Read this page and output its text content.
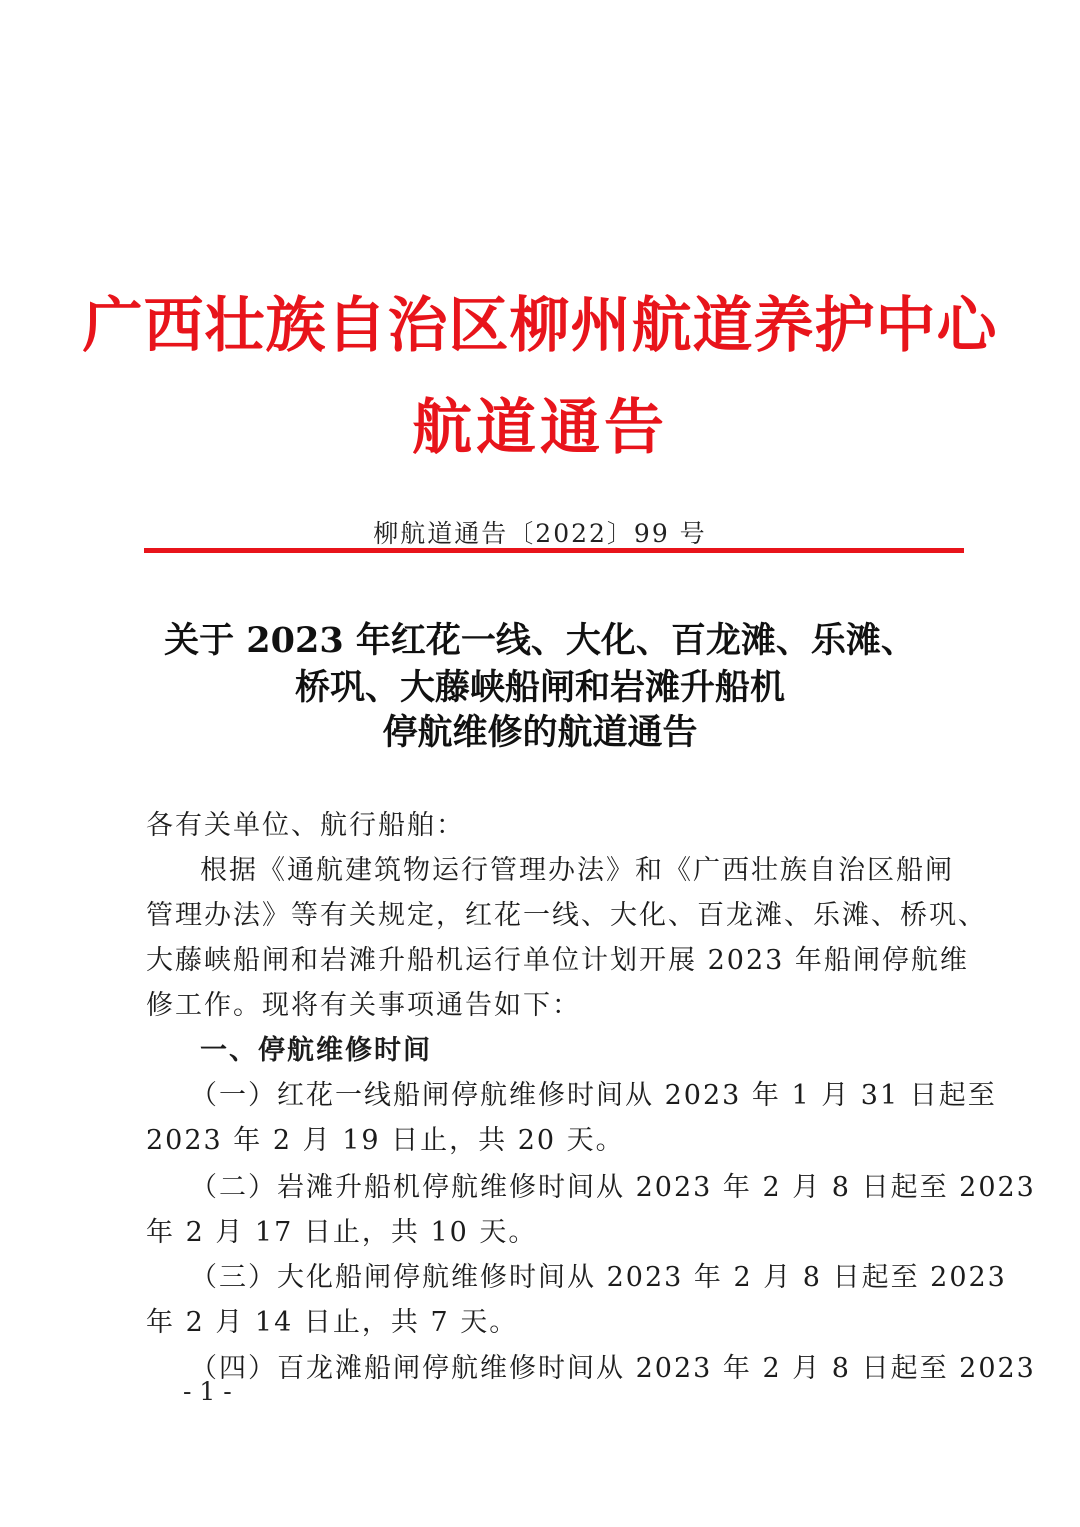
广西壮族自治区柳州航道养护中心
航道通告
柳航道通告〔2022〕99 号
关于 2023 年红花一线、大化、百龙滩、乐滩、
桥巩、大藤峡船闸和岩滩升船机
停航维修的航道通告
各有关单位、航行船舶：
根据《通航建筑物运行管理办法》和《广西壮族自治区船闸
管理办法》等有关规定，红花一线、大化、百龙滩、乐滩、桥巩、
大藤峡船闸和岩滩升船机运行单位计划开展 2023 年船闸停航维
修工作。现将有关事项通告如下：
一、停航维修时间
（一）红花一线船闸停航维修时间从 2023 年 1 月 31 日起至
2023 年 2 月 19 日止，共 20 天。
（二）岩滩升船机停航维修时间从 2023 年 2 月 8 日起至 2023
年 2 月 17 日止，共 10 天。
（三）大化船闸停航维修时间从 2023 年 2 月 8 日起至 2023
年 2 月 14 日止，共 7 天。
（四）百龙滩船闸停航维修时间从 2023 年 2 月 8 日起至 2023
- 1 -
